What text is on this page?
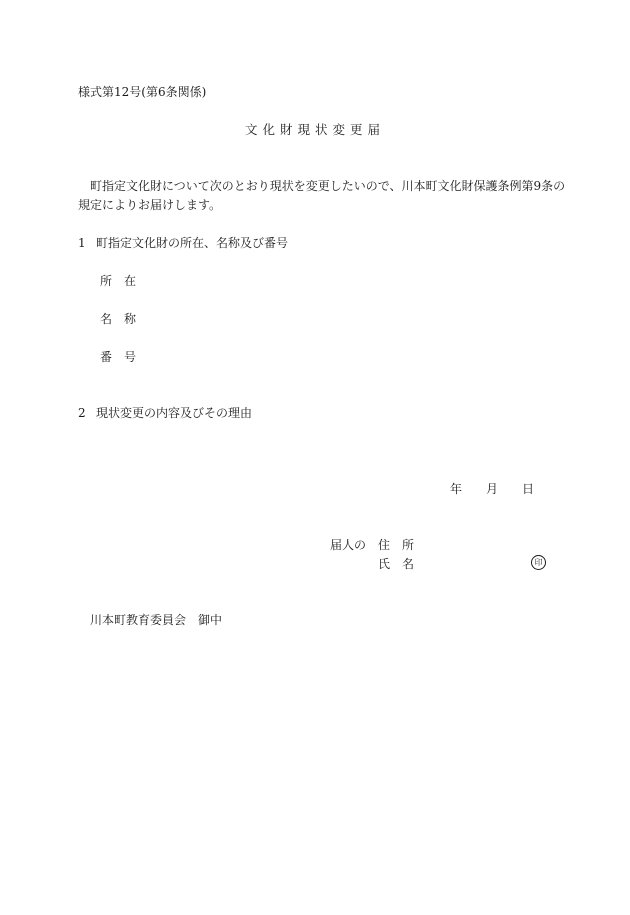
様式第12号(第6条関係)
文化財現状変更届
町指定文化財について次のとおり現状を変更したいので、川本町文化財保護条例第9条の
規定によりお届けします。
1 町指定文化財の所在、名称及び番号
所　在
名　称
番　号
2 現状変更の内容及びその理由
年 月 日
届人の 住　所
氏　名	印
川本町教育委員会　御中
